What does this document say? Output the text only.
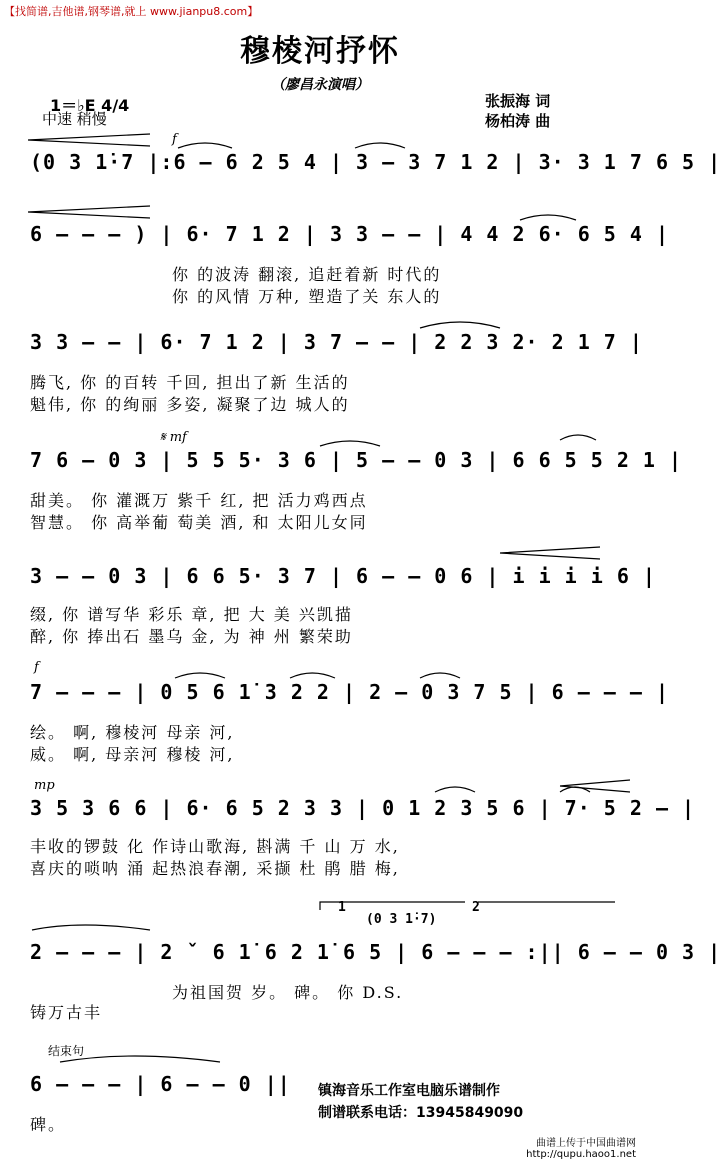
【找简谱,吉他谱,钢琴谱,就上 www.jianpu8.com】
穆棱河抒怀
（廖昌永演唱）
1＝♭E 4/4
中速 稍慢
张振海 词
杨柏涛 曲
f
(0 3 1̇·7 |:6 — 6 2 5 4 | 3 — 3 7 1 2 | 3· 3 1 7 6 5 |
6 — — — ) | 6· 7 1 2 | 3 3 — — | 4 4 2 6· 6 5 4 |
你 的波涛 翻滚, 追赶着新 时代的
你 的风情 万种, 塑造了关 东人的
3 3 — — | 6· 7 1 2 | 3 7 — — | 2 2 3 2· 2 1 7 |
腾飞, 你 的百转 千回, 担出了新 生活的
魁伟, 你 的绚丽 多姿, 凝聚了边 城人的
𝄋 mf
7 6 — 0 3 | 5 5 5· 3 6 | 5 — — 0 3 | 6 6 5 5 2 1 |
甜美。 你 灌溉万 紫千 红, 把 活力鸡西点
智慧。 你 高举葡 萄美 酒, 和 太阳儿女同
3 — — 0 3 | 6 6 5· 3 7 | 6 — — 0 6 | i i i i 6 |
缀, 你 谱写华 彩乐 章, 把 大 美 兴凯描
醉, 你 捧出石 墨乌 金, 为 神 州 繁荣助
f
7 — — — | 0 5 6 1̇ 3 2 2 | 2 — 0 3 7 5 | 6 — — — |
绘。 啊, 穆棱河 母亲 河,
威。 啊, 母亲河 穆棱 河,
mp
3 5 3 6 6 | 6· 6 5 2 3 3 | 0 1 2 3 5 6 | 7· 5 2 — |
丰收的锣鼓 化 作诗山歌海, 斟满 千 山 万 水,
喜庆的唢呐 涌 起热浪春潮, 采撷 杜 鹃 腊 梅,
1
(0 3 1̇·7)
2
2 — — — | 2 ˇ 6 1̇ 6 2 1̇ 6 5 | 6 — — — :|| 6 — — 0 3 |
为祖国贺 岁。 碑。 你 D.S.
铸万古丰
结束句
6 — — — | 6 — — 0 ||
碑。
镇海音乐工作室电脑乐谱制作
制谱联系电话：13945849090
曲谱上传于中国曲谱网
http://qupu.haoo1.net
